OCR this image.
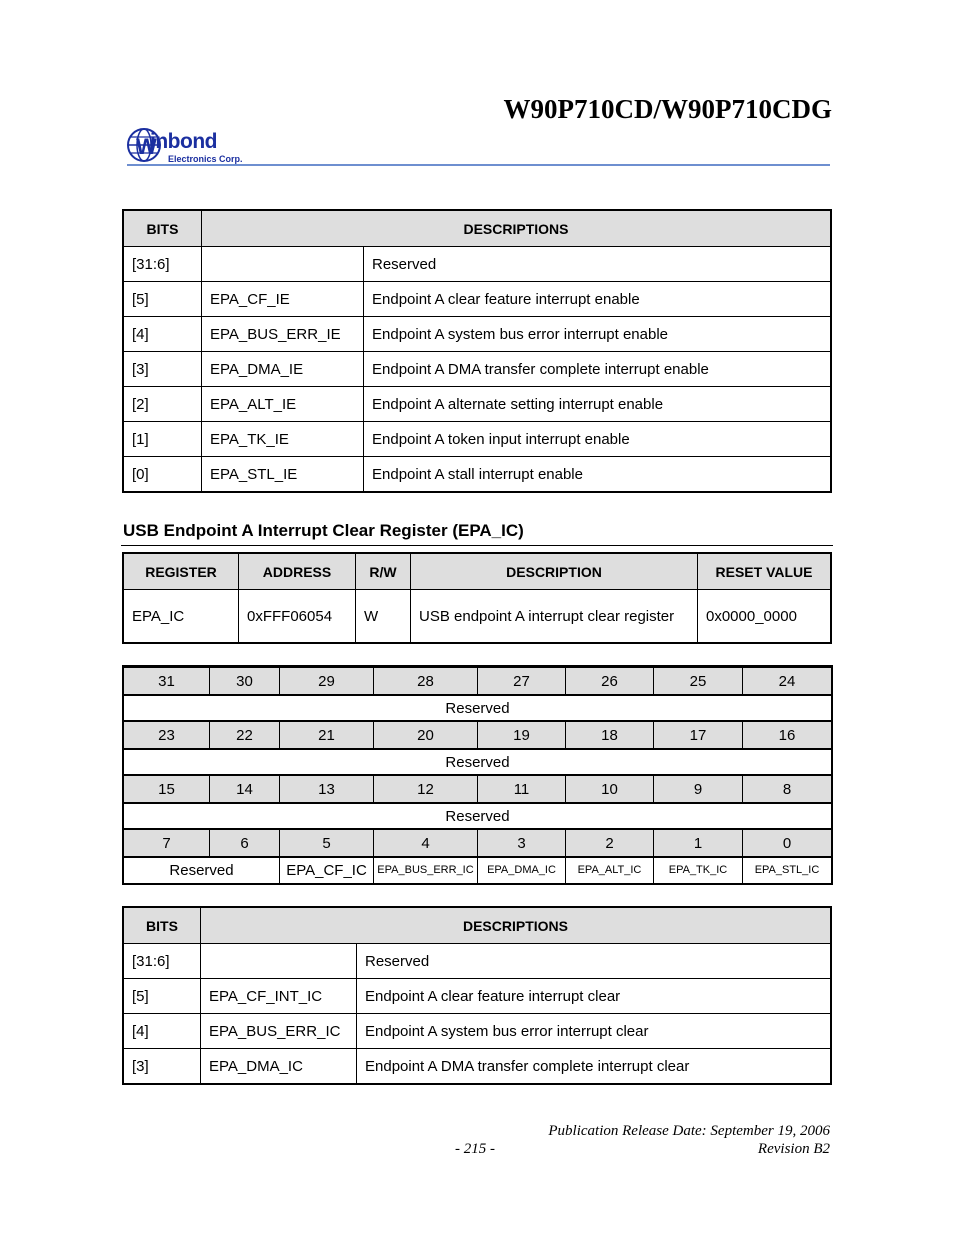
W90P710CD/W90P710CDG
W
inbond
Electronics Corp.
BITS	DESCRIPTIONS	
[31:6]		Reserved
[5]	EPA_CF_IE	Endpoint A clear feature interrupt enable
[4]	EPA_BUS_ERR_IE	Endpoint A system bus error interrupt enable
[3]	EPA_DMA_IE	Endpoint A DMA transfer complete interrupt enable
[2]	EPA_ALT_IE	Endpoint A alternate setting interrupt enable
[1]	EPA_TK_IE	Endpoint A token input interrupt enable
[0]	EPA_STL_IE	Endpoint A stall interrupt enable
USB Endpoint A Interrupt Clear Register (EPA_IC)
REGISTER	ADDRESS	R/W	DESCRIPTION	RESET VALUE
EPA_IC	0xFFF06054	W	USB endpoint A interrupt clear register	0x0000_0000
31	30	29	28	27	26	25	24
Reserved							
23	22	21	20	19	18	17	16
Reserved							
15	14	13	12	11	10	9	8
Reserved							
7	6	5	4	3	2	1	0
Reserved		EPA_CF_IC	EPA_BUS_ERR_IC	EPA_DMA_IC	EPA_ALT_IC	EPA_TK_IC	EPA_STL_IC
BITS	DESCRIPTIONS	
[31:6]		Reserved
[5]	EPA_CF_INT_IC	Endpoint A clear feature interrupt clear
[4]	EPA_BUS_ERR_IC	Endpoint A system bus error interrupt clear
[3]	EPA_DMA_IC	Endpoint A DMA transfer complete interrupt clear
Publication Release Date: September 19, 2006
- 215 -	Revision B2
